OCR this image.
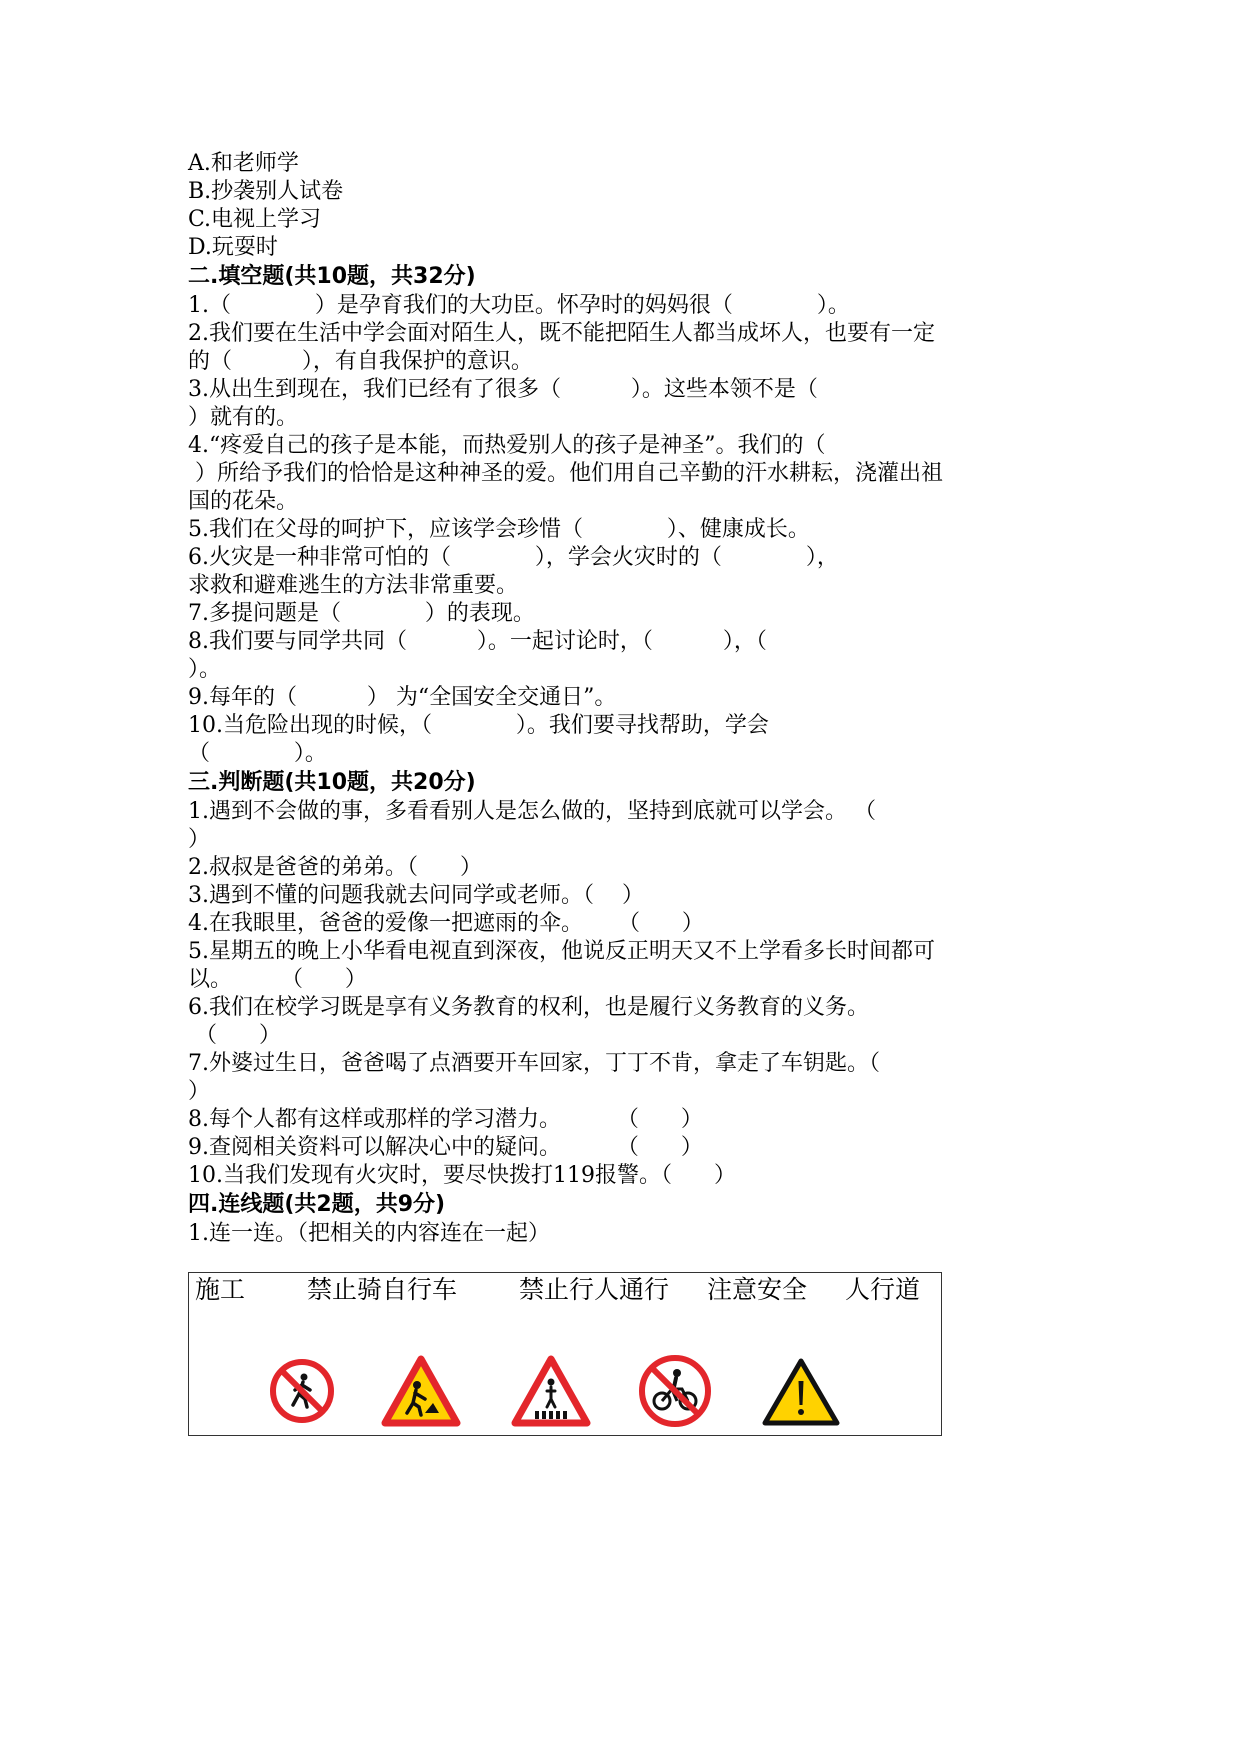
A.和老师学
B.抄袭别人试卷
C.电视上学习
D.玩耍时
二.填空题(共10题，共32分)
1.（            ）是孕育我们的大功臣。怀孕时的妈妈很（            ）。
2.我们要在生活中学会面对陌生人，既不能把陌生人都当成坏人，也要有一定
的（          ），有自我保护的意识。
3.从出生到现在，我们已经有了很多（          ）。这些本领不是（
）就有的。
4.“疼爱自己的孩子是本能，而热爱别人的孩子是神圣”。我们的（
）所给予我们的恰恰是这种神圣的爱。他们用自己辛勤的汗水耕耘，浇灌出祖
国的花朵。
5.我们在父母的呵护下，应该学会珍惜（            ）、健康成长。
6.火灾是一种非常可怕的（            ），学会火灾时的（            ），
求救和避难逃生的方法非常重要。
7.多提问题是（            ）的表现。
8.我们要与同学共同（          ）。一起讨论时，（          ），（
）。
9.每年的（          ） 为“全国安全交通日”。
10.当危险出现的时候，（            ）。我们要寻找帮助，学会
（            ）。
三.判断题(共10题，共20分)
1.遇到不会做的事，多看看别人是怎么做的，坚持到底就可以学会。 （
）
2.叔叔是爸爸的弟弟。（      ）
3.遇到不懂的问题我就去问同学或老师。（    ）
4.在我眼里，爸爸的爱像一把遮雨的伞。     （      ）
5.星期五的晚上小华看电视直到深夜，他说反正明天又不上学看多长时间都可
以。       （      ）
6.我们在校学习既是享有义务教育的权利，也是履行义务教育的义务。
（      ）
7.外婆过生日，爸爸喝了点酒要开车回家，丁丁不肯，拿走了车钥匙。（
）
8.每个人都有这样或那样的学习潜力。        （      ）
9.查阅相关资料可以解决心中的疑问。        （      ）
10.当我们发现有火灾时，要尽快拨打119报警。（      ）
四.连线题(共2题，共9分)
1.连一连。（把相关的内容连在一起）
施工 禁止骑自行车 禁止行人通行 注意安全 人行道
